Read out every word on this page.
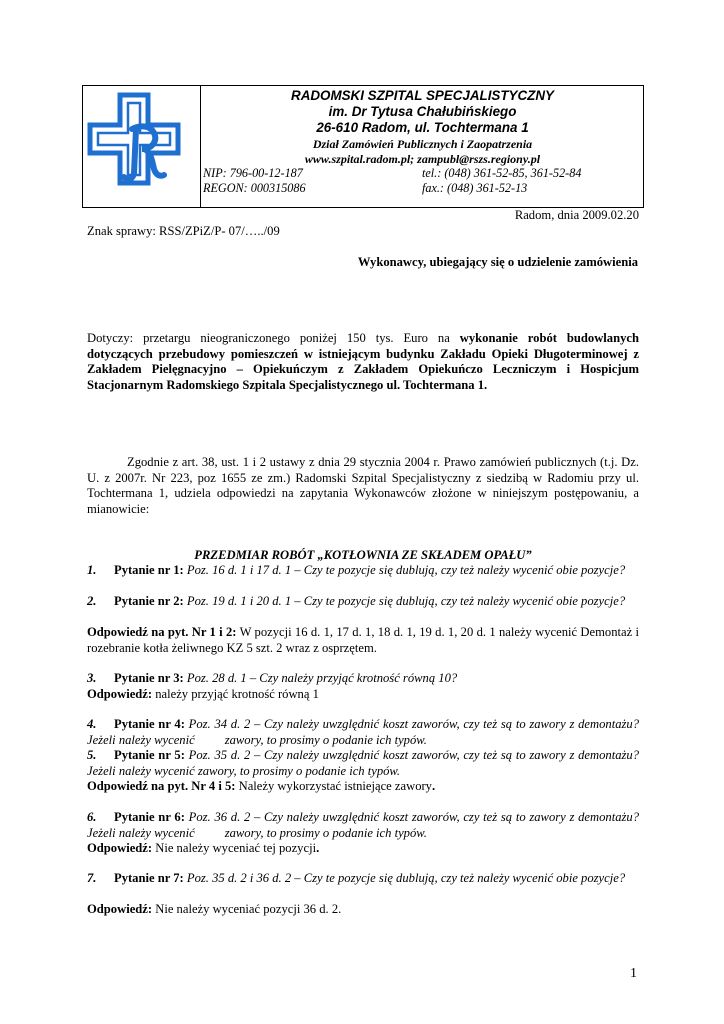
RADOMSKI SZPITAL SPECJALISTYCZNY
im. Dr Tytusa Chałubińskiego
26-610 Radom, ul. Tochtermana 1
Dział Zamówień Publicznych i Zaopatrzenia
www.szpital.radom.pl; zampubl@rszs.regiony.pl
NIP: 796-00-12-187
REGON: 000315086
tel.: (048) 361-52-85, 361-52-84
fax.: (048) 361-52-13
Radom, dnia 2009.02.20
Znak sprawy: RSS/ZPiZ/P- 07/…../09
Wykonawcy, ubiegający się o udzielenie zamówienia
Dotyczy: przetargu nieograniczonego poniżej 150 tys. Euro na wykonanie robót budowlanych dotyczących przebudowy pomieszczeń w istniejącym budynku Zakładu Opieki Długoterminowej z Zakładem Pielęgnacyjno – Opiekuńczym z Zakładem Opiekuńczo Leczniczym i Hospicjum Stacjonarnym Radomskiego Szpitala Specjalistycznego ul. Tochtermana 1.
Zgodnie z art. 38, ust. 1 i 2 ustawy z dnia 29 stycznia 2004 r. Prawo zamówień publicznych (t.j. Dz. U. z 2007r. Nr 223, poz 1655 ze zm.) Radomski Szpital Specjalistyczny z siedzibą w Radomiu przy ul. Tochtermana 1, udziela odpowiedzi na zapytania Wykonawców złożone w niniejszym postępowaniu, a mianowicie:
PRZEDMIAR ROBÓT „KOTŁOWNIA ZE SKŁADEM OPAŁU”
1. Pytanie nr 1: Poz. 16 d. 1 i 17 d. 1 – Czy te pozycje się dublują, czy też należy wycenić obie pozycje?
2. Pytanie nr 2: Poz. 19 d. 1 i 20 d. 1 – Czy te pozycje się dublują, czy też należy wycenić obie pozycje?
Odpowiedź na pyt. Nr 1 i 2: W pozycji 16 d. 1, 17 d. 1, 18 d. 1, 19 d. 1, 20 d. 1 należy wycenić Demontaż i rozebranie kotła żeliwnego KZ 5 szt. 2 wraz z osprzętem.
3. Pytanie nr 3: Poz. 28 d. 1 – Czy należy przyjąć krotność równą 10?
Odpowiedź: należy przyjąć krotność równą 1
4. Pytanie nr 4: Poz. 34 d. 2 – Czy należy uwzględnić koszt zaworów, czy też są to zawory z demontażu? Jeżeli należy wycenić zawory, to prosimy o podanie ich typów.
5. Pytanie nr 5: Poz. 35 d. 2 – Czy należy uwzględnić koszt zaworów, czy też są to zawory z demontażu? Jeżeli należy wycenić zawory, to prosimy o podanie ich typów.
Odpowiedź na pyt. Nr 4 i 5: Należy wykorzystać istniejące zawory.
6. Pytanie nr 6: Poz. 36 d. 2 – Czy należy uwzględnić koszt zaworów, czy też są to zawory z demontażu? Jeżeli należy wycenić zawory, to prosimy o podanie ich typów.
Odpowiedź: Nie należy wyceniać tej pozycji.
7. Pytanie nr 7: Poz. 35 d. 2 i 36 d. 2 – Czy te pozycje się dublują, czy też należy wycenić obie pozycje?
Odpowiedź: Nie należy wyceniać pozycji 36 d. 2.
1
